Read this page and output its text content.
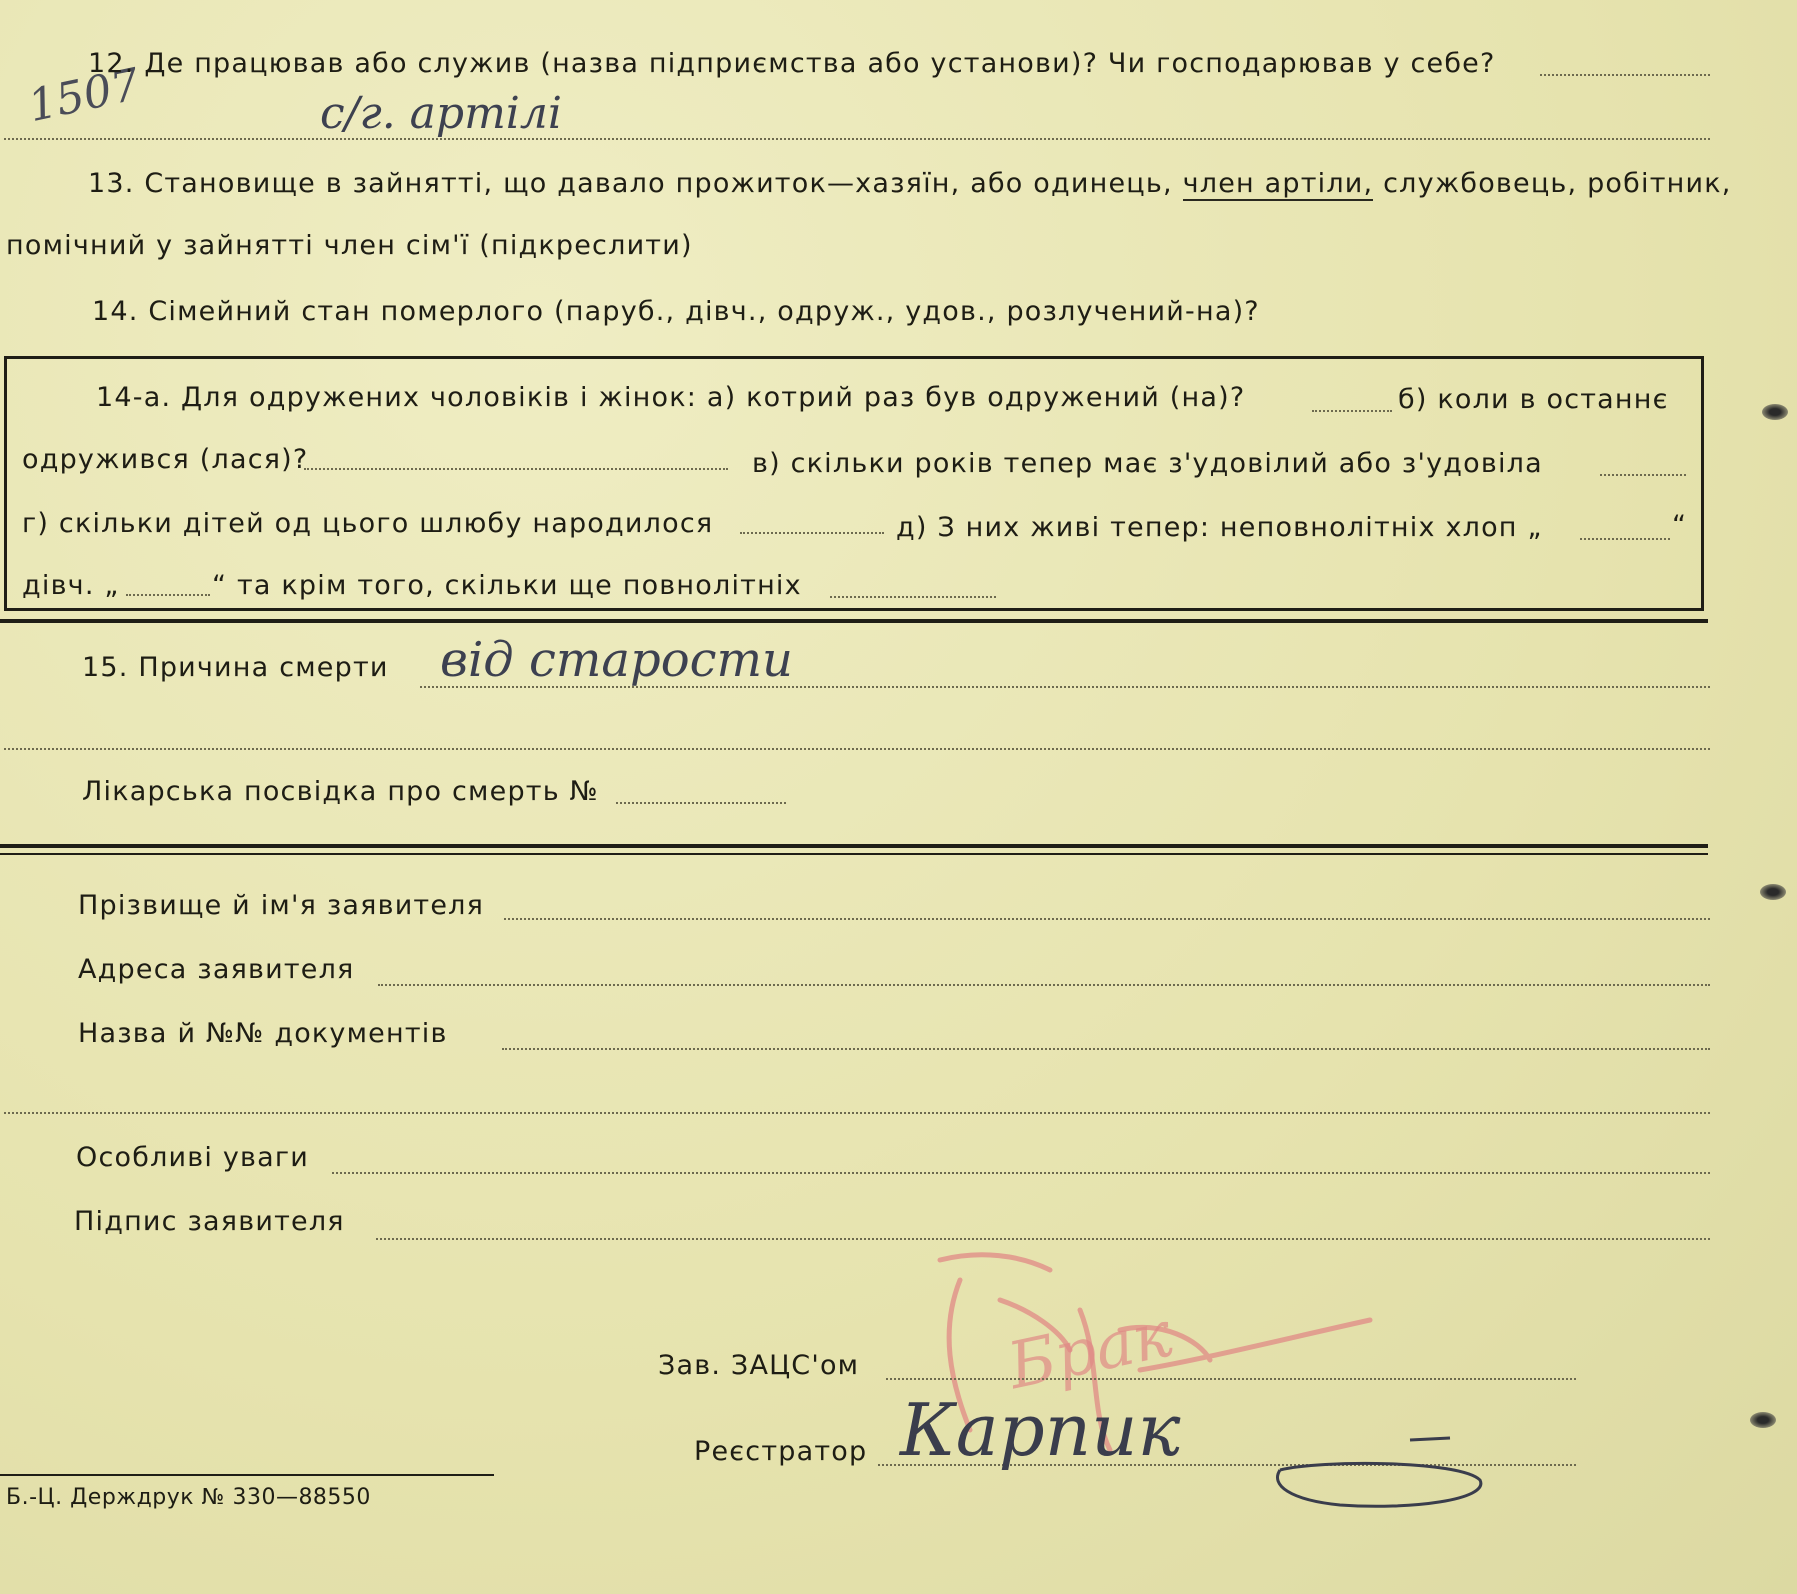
1507
12. Де працював або служив (назва підприємства або установи)? Чи господарював у себе?
с/г. артілі
13. Становище в зайнятті, що давало прожиток—хазяїн, або одинець, член артіли, службовець, робітник,
помічний у зайнятті член сім'ї (підкреслити)
14. Сімейний стан померлого (паруб., дівч., одруж., удов., розлучений-на)?
14-а. Для одружених чоловіків і жінок: а) котрий раз був одружений (на)?	б) коли в останнє
одружився (лася)?	в) скільки років тепер має з'удовілий або з'удовіла
г) скільки дітей од цього шлюбу народилося	д) З них живі тепер: неповнолітніх хлоп „	“
дівч. „	“ та крім того, скільки ще повнолітніх
15. Причина смерти від старости
Лікарська посвідка про смерть №
Прізвище й ім'я заявителя
Адреса заявителя
Назва й №№ документів
Особливі уваги
Підпис заявителя
Брак
Зав. ЗАЦС'ом
Реєстратор Карпик
Б.-Ц. Держдрук № 330—88550
